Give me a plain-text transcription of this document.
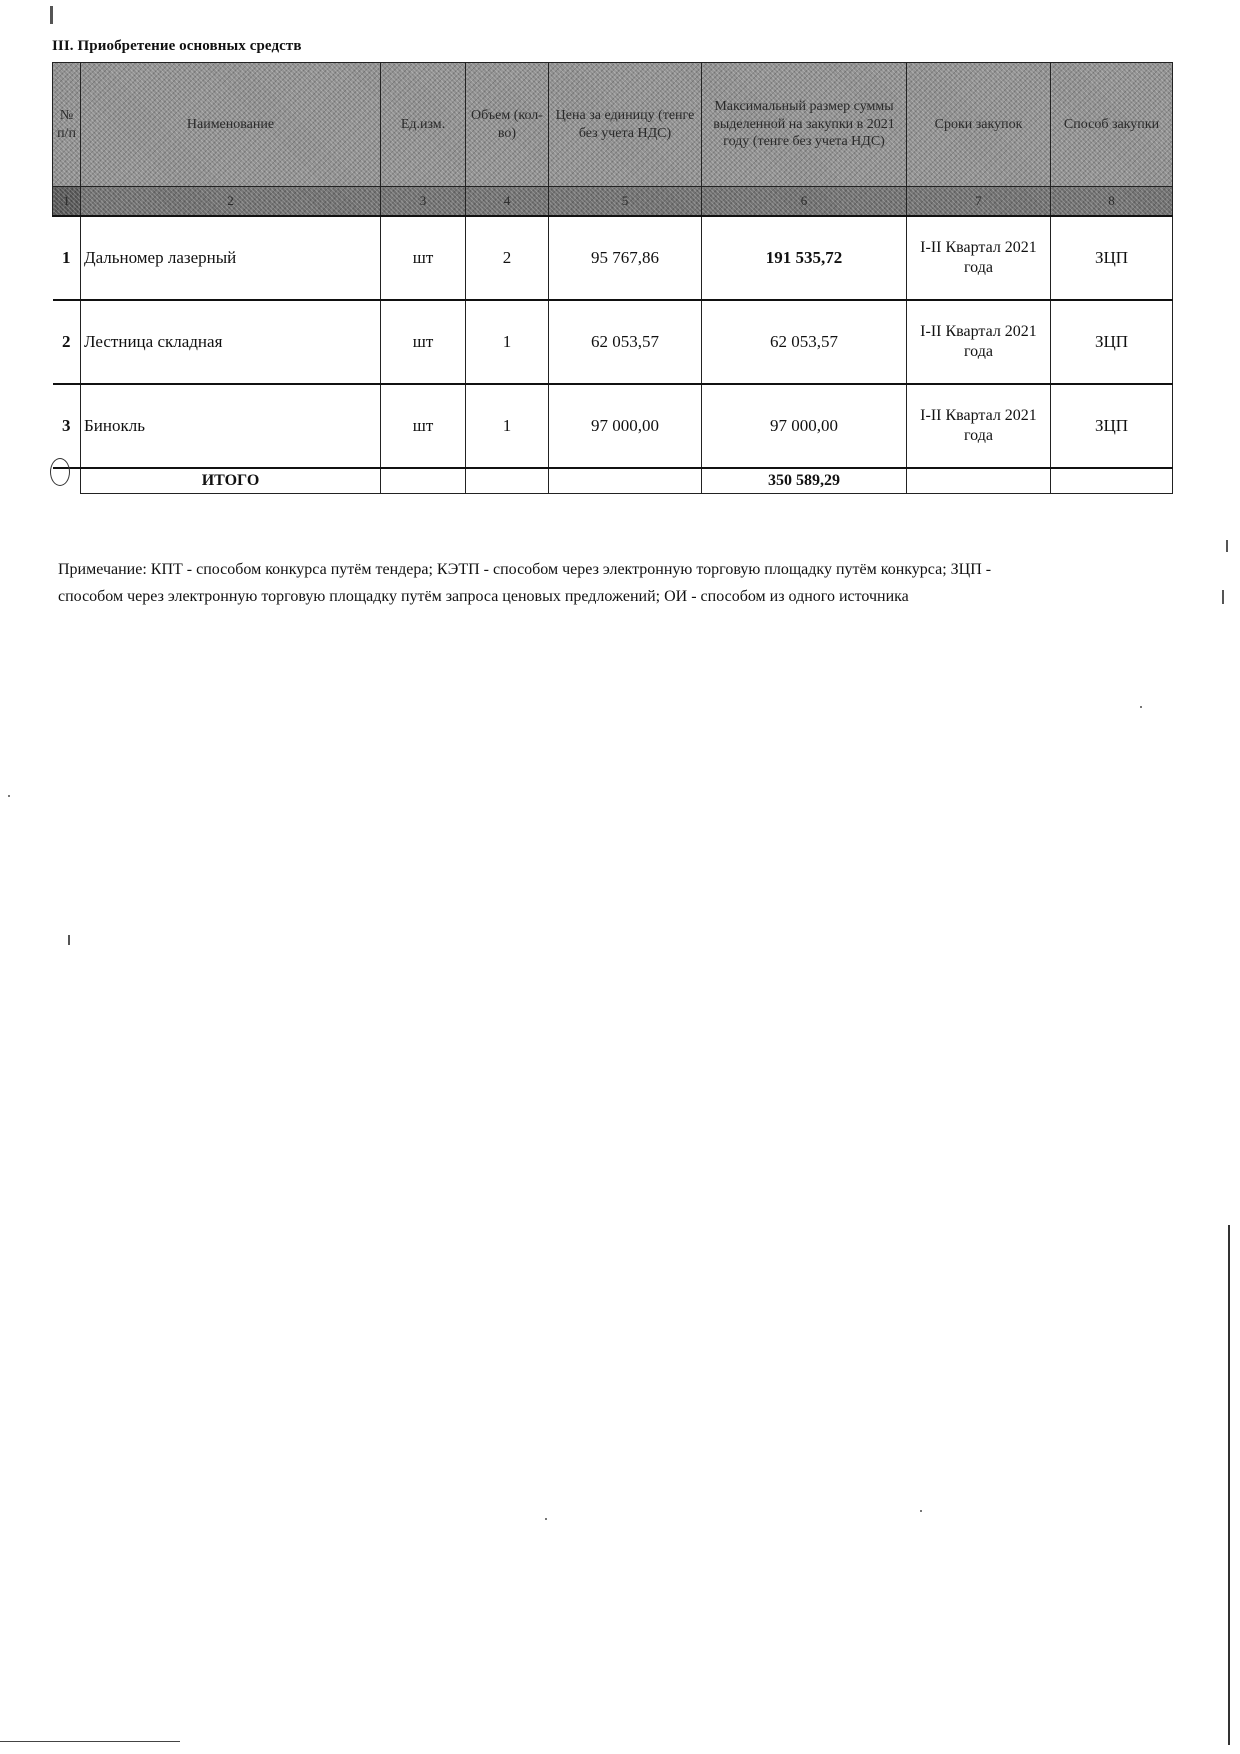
III. Приобретение основных средств
№ п/п	Наименование	Ед.изм.	Объем (кол-во)	Цена за единицу (тенге без учета НДС)	Максимальный размер суммы выделенной на закупки в 2021 году (тенге без учета НДС)	Сроки закупок	Способ закупки
1	2	3	4	5	6	7	8
1	Дальномер лазерный	шт	2	95 767,86	191 535,72	I-II Квартал 2021 года	ЗЦП
2	Лестница складная	шт	1	62 053,57	62 053,57	I-II Квартал 2021 года	ЗЦП
3	Бинокль	шт	1	97 000,00	97 000,00	I-II Квартал 2021 года	ЗЦП
	ИТОГО				350 589,29		
Примечание: КПТ - способом конкурса путём тендера; КЭТП - способом через электронную торговую площадку путём конкурса; ЗЦП -
способом через электронную торговую площадку путём запроса ценовых предложений; ОИ - способом из одного источника
